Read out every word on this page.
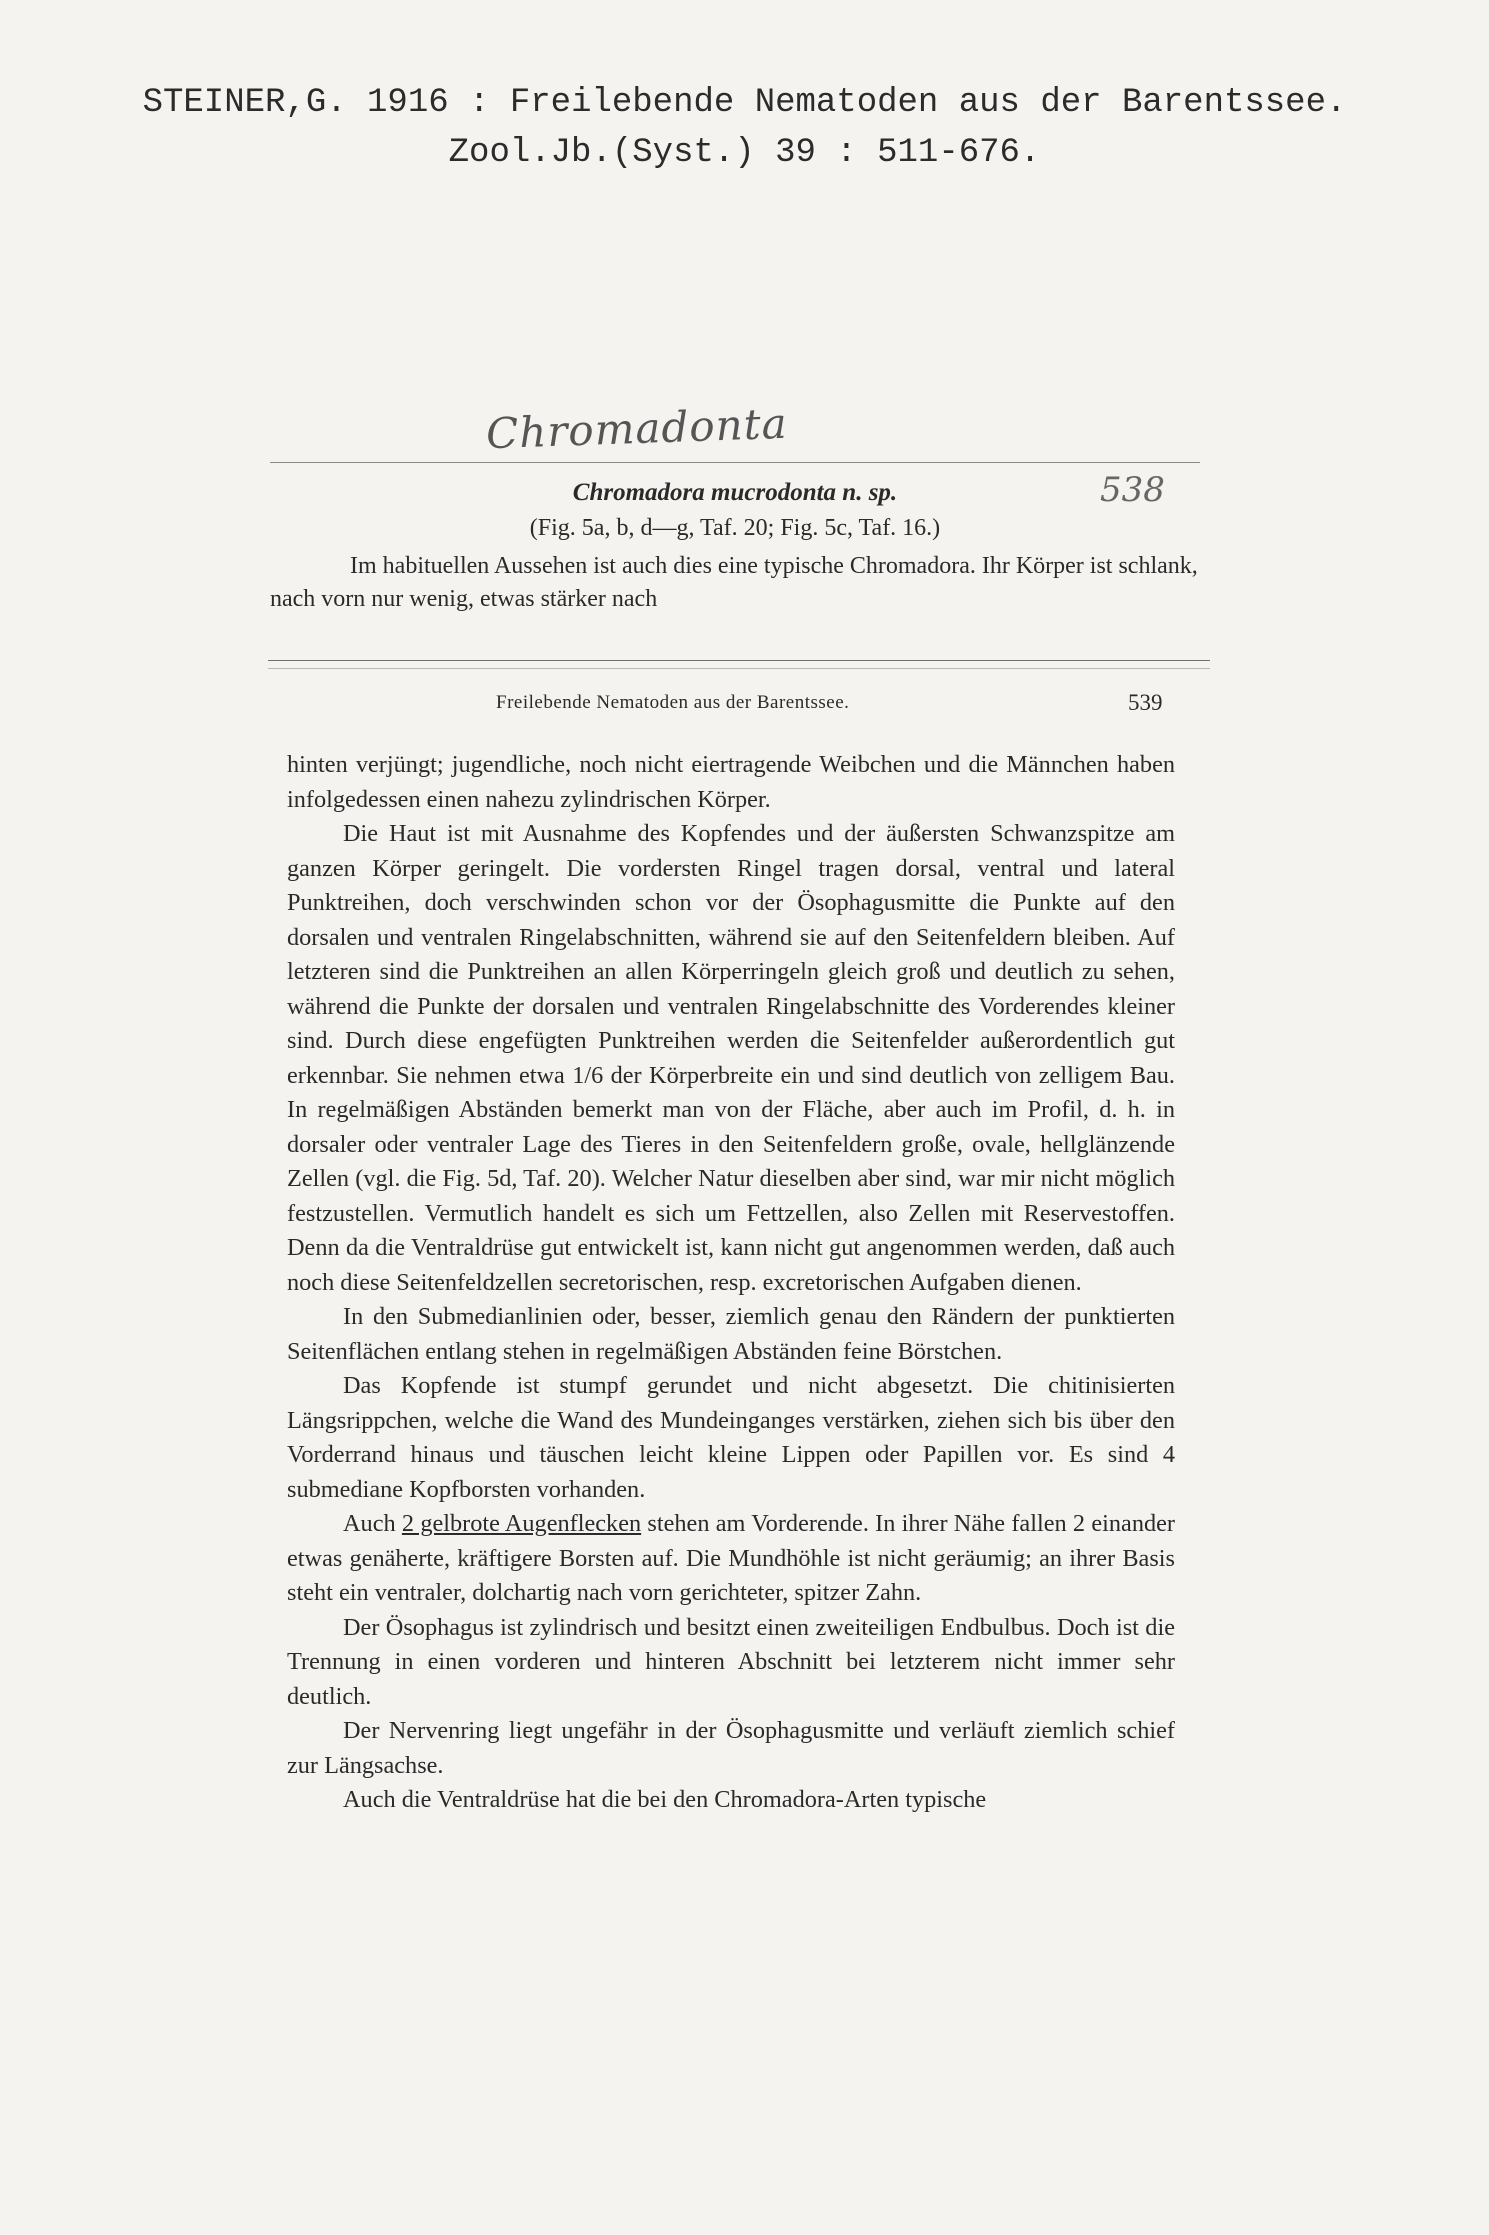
STEINER,G. 1916 : Freilebende Nematoden aus der Barentssee.
Zool.Jb.(Syst.) 39 : 511-676.
Chromadonta
Chromadora mucrodonta n. sp.	538
(Fig. 5a, b, d—g, Taf. 20; Fig. 5c, Taf. 16.)
Im habituellen Aussehen ist auch dies eine typische Chromadora. Ihr Körper ist schlank, nach vorn nur wenig, etwas stärker nach
Freilebende Nematoden aus der Barentssee.	539

hinten verjüngt; jugendliche, noch nicht eiertragende Weibchen und die Männchen haben infolgedessen einen nahezu zylindrischen Körper.

Die Haut ist mit Ausnahme des Kopfendes und der äußersten Schwanzspitze am ganzen Körper geringelt. Die vordersten Ringel tragen dorsal, ventral und lateral Punktreihen, doch verschwinden schon vor der Ösophagusmitte die Punkte auf den dorsalen und ventralen Ringelabschnitten, während sie auf den Seitenfeldern bleiben. Auf letzteren sind die Punktreihen an allen Körperringeln gleich groß und deutlich zu sehen, während die Punkte der dorsalen und ventralen Ringelabschnitte des Vorderendes kleiner sind. Durch diese engefügten Punktreihen werden die Seitenfelder außerordentlich gut erkennbar. Sie nehmen etwa 1/6 der Körperbreite ein und sind deutlich von zelligem Bau. In regelmäßigen Abständen bemerkt man von der Fläche, aber auch im Profil, d. h. in dorsaler oder ventraler Lage des Tieres in den Seitenfeldern große, ovale, hellglänzende Zellen (vgl. die Fig. 5d, Taf. 20). Welcher Natur dieselben aber sind, war mir nicht möglich festzustellen. Vermutlich handelt es sich um Fettzellen, also Zellen mit Reservestoffen. Denn da die Ventraldrüse gut entwickelt ist, kann nicht gut angenommen werden, daß auch noch diese Seitenfeldzellen secretorischen, resp. excretorischen Aufgaben dienen.

In den Submedianlinien oder, besser, ziemlich genau den Rändern der punktierten Seitenflächen entlang stehen in regelmäßigen Abständen feine Börstchen.

Das Kopfende ist stumpf gerundet und nicht abgesetzt. Die chitinisierten Längsrippchen, welche die Wand des Mundeinganges verstärken, ziehen sich bis über den Vorderrand hinaus und täuschen leicht kleine Lippen oder Papillen vor. Es sind 4 submediane Kopfborsten vorhanden.

Auch 2 gelbrote Augenflecken stehen am Vorderende. In ihrer Nähe fallen 2 einander etwas genäherte, kräftigere Borsten auf. Die Mundhöhle ist nicht geräumig; an ihrer Basis steht ein ventraler, dolchartig nach vorn gerichteter, spitzer Zahn.

Der Ösophagus ist zylindrisch und besitzt einen zweiteiligen Endbulbus. Doch ist die Trennung in einen vorderen und hinteren Abschnitt bei letzterem nicht immer sehr deutlich.

Der Nervenring liegt ungefähr in der Ösophagusmitte und verläuft ziemlich schief zur Längsachse.

Auch die Ventraldrüse hat die bei den Chromadora-Arten typische
